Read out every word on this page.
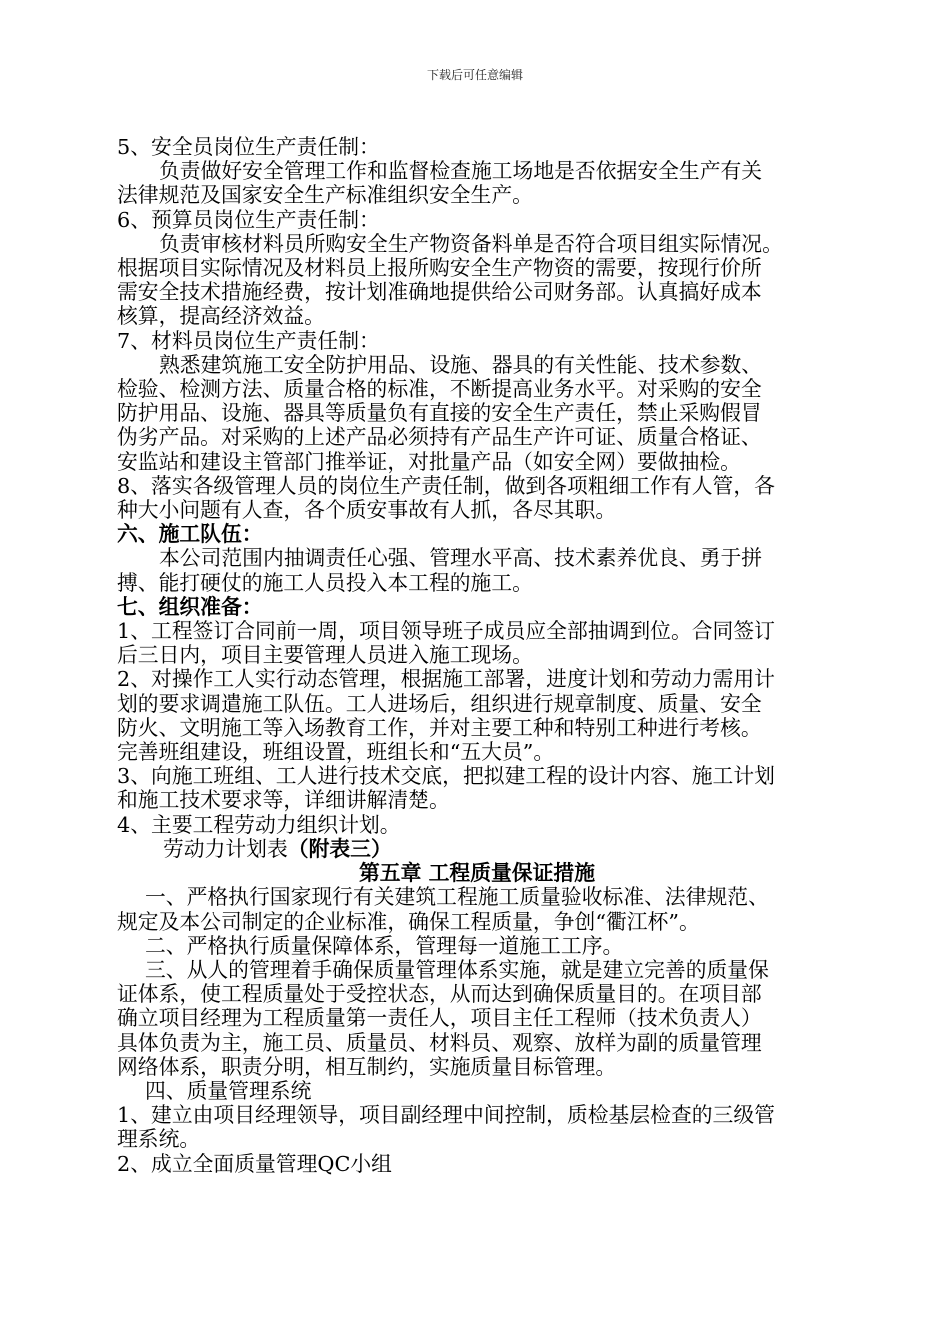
下载后可任意编辑

5、安全员岗位生产责任制：

负责做好安全管理工作和监督检查施工场地是否依据安全生产有关

法律规范及国家安全生产标准组织安全生产。

6、预算员岗位生产责任制：

负责审核材料员所购安全生产物资备料单是否符合项目组实际情况。

根据项目实际情况及材料员上报所购安全生产物资的需要，按现行价所

需安全技术措施经费，按计划准确地提供给公司财务部。认真搞好成本

核算，提高经济效益。

7、材料员岗位生产责任制：

熟悉建筑施工安全防护用品、设施、器具的有关性能、技术参数、

检验、检测方法、质量合格的标准，不断提高业务水平。对采购的安全

防护用品、设施、器具等质量负有直接的安全生产责任，禁止采购假冒

伪劣产品。对采购的上述产品必须持有产品生产许可证、质量合格证、

安监站和建设主管部门推举证，对批量产品（如安全网）要做抽检。

8、落实各级管理人员的岗位生产责任制，做到各项粗细工作有人管，各

种大小问题有人查，各个质安事故有人抓，各尽其职。

六、施工队伍：

本公司范围内抽调责任心强、管理水平高、技术素养优良、勇于拼

搏、能打硬仗的施工人员投入本工程的施工。

七、组织准备：

1、工程签订合同前一周，项目领导班子成员应全部抽调到位。合同签订

后三日内，项目主要管理人员进入施工现场。

2、对操作工人实行动态管理，根据施工部署，进度计划和劳动力需用计

划的要求调遣施工队伍。工人进场后，组织进行规章制度、质量、安全

防火、文明施工等入场教育工作，并对主要工种和特别工种进行考核。

完善班组建设，班组设置，班组长和“五大员”。

3、向施工班组、工人进行技术交底，把拟建工程的设计内容、施工计划

和施工技术要求等，详细讲解清楚。

4、主要工程劳动力组织计划。

劳动力计划表（附表三）

第五章 工程质量保证措施

一、严格执行国家现行有关建筑工程施工质量验收标准、法律规范、

规定及本公司制定的企业标准，确保工程质量，争创“衢江杯”。

二、严格执行质量保障体系，管理每一道施工工序。

三、从人的管理着手确保质量管理体系实施，就是建立完善的质量保

证体系，使工程质量处于受控状态，从而达到确保质量目的。在项目部

确立项目经理为工程质量第一责任人，项目主任工程师（技术负责人）

具体负责为主，施工员、质量员、材料员、观察、放样为副的质量管理

网络体系，职责分明，相互制约，实施质量目标管理。

四、质量管理系统

1、建立由项目经理领导，项目副经理中间控制，质检基层检查的三级管

理系统。

2、成立全面质量管理QC小组
